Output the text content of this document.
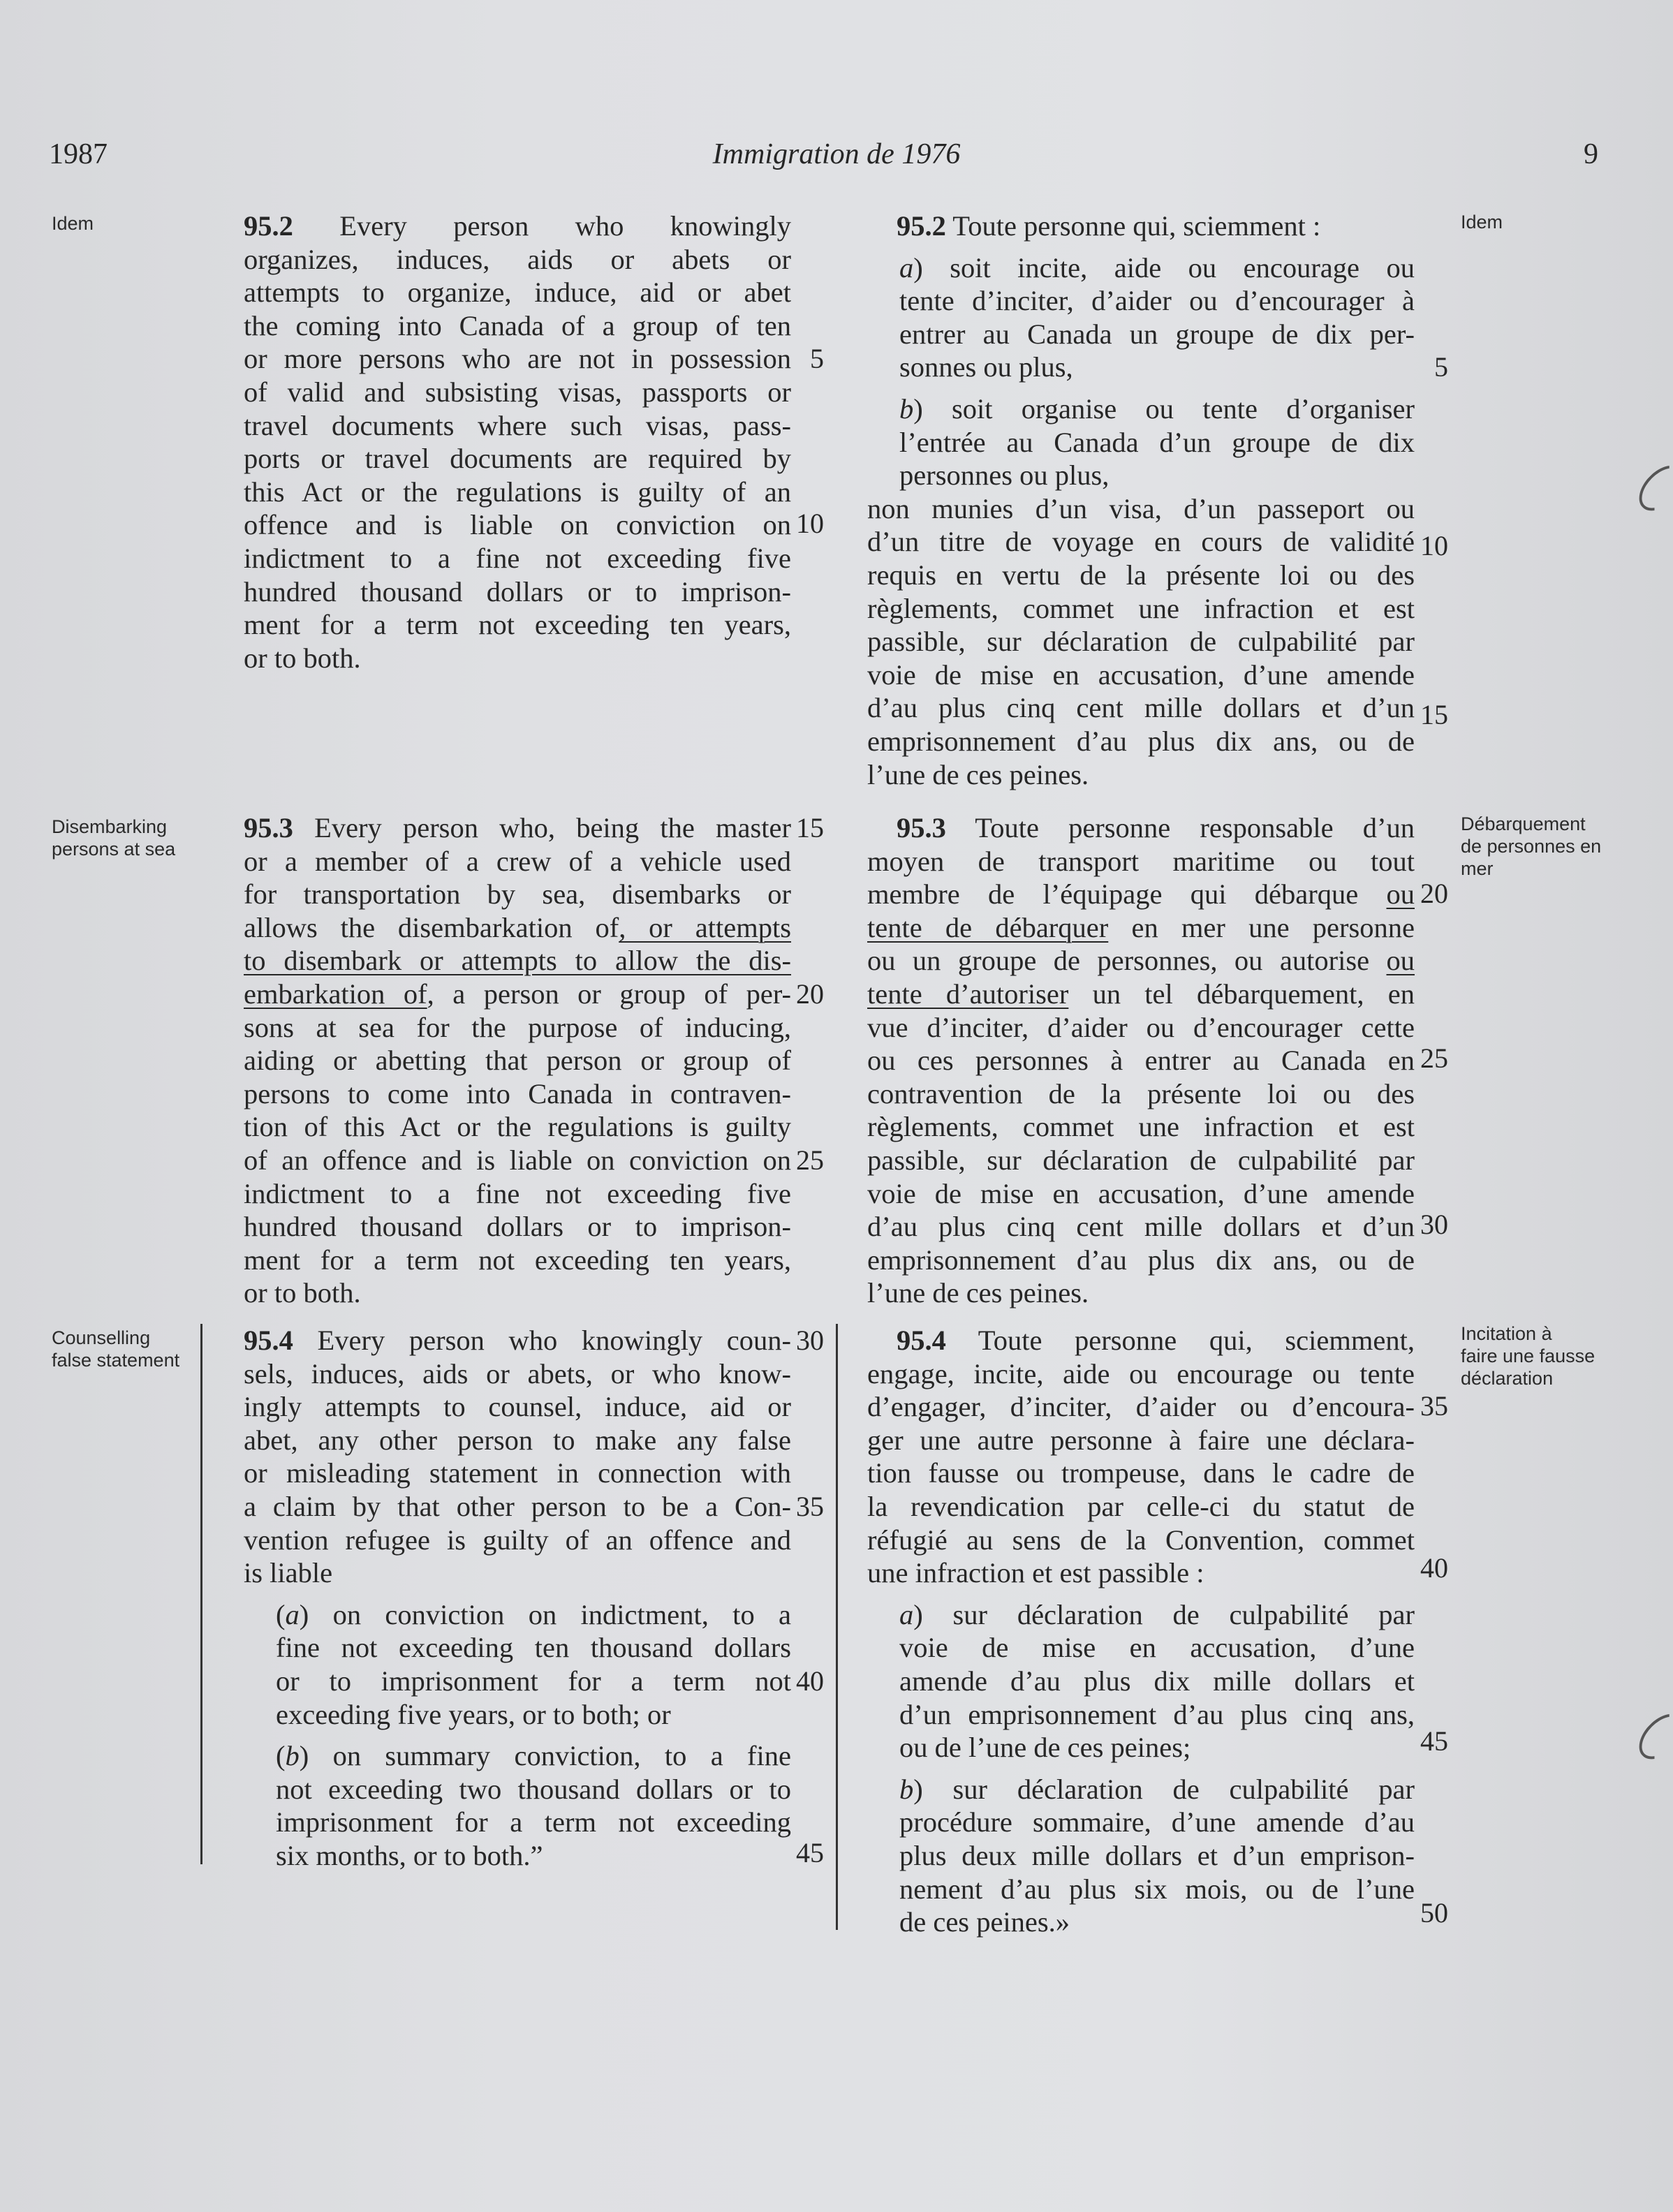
1987	Immigration de 1976	9
Idem
Disembarking
persons at sea
Counselling
false statement
Idem
Débarquement
de personnes en
mer
Incitation à
faire une fausse
déclaration
95.2 Every person who knowingly
organizes, induces, aids or abets or
attempts to organize, induce, aid or abet
the coming into Canada of a group of ten
or more persons who are not in possession
of valid and subsisting visas, passports or
travel documents where such visas, pass-
ports or travel documents are required by
this Act or the regulations is guilty of an
offence and is liable on conviction on
indictment to a fine not exceeding five
hundred thousand dollars or to imprison-
ment for a term not exceeding ten years,
or to both.
95.3 Every person who, being the master
or a member of a crew of a vehicle used
for transportation by sea, disembarks or
allows the disembarkation of, or attempts
to disembark or attempts to allow the dis-
embarkation of, a person or group of per-
sons at sea for the purpose of inducing,
aiding or abetting that person or group of
persons to come into Canada in contraven-
tion of this Act or the regulations is guilty
of an offence and is liable on conviction on
indictment to a fine not exceeding five
hundred thousand dollars or to imprison-
ment for a term not exceeding ten years,
or to both.
95.4 Every person who knowingly coun-
sels, induces, aids or abets, or who know-
ingly attempts to counsel, induce, aid or
abet, any other person to make any false
or misleading statement in connection with
a claim by that other person to be a Con-
vention refugee is guilty of an offence and
is liable
(a) on conviction on indictment, to a
fine not exceeding ten thousand dollars
or to imprisonment for a term not
exceeding five years, or to both; or
(b) on summary conviction, to a fine
not exceeding two thousand dollars or to
imprisonment for a term not exceeding
six months, or to both.”
5
10
15
20
25
30
35
40
45
95.2 Toute personne qui, sciemment :
a) soit incite, aide ou encourage ou
tente d’inciter, d’aider ou d’encourager à
entrer au Canada un groupe de dix per-
sonnes ou plus,
b) soit organise ou tente d’organiser
l’entrée au Canada d’un groupe de dix
personnes ou plus,
non munies d’un visa, d’un passeport ou
d’un titre de voyage en cours de validité
requis en vertu de la présente loi ou des
règlements, commet une infraction et est
passible, sur déclaration de culpabilité par
voie de mise en accusation, d’une amende
d’au plus cinq cent mille dollars et d’un
emprisonnement d’au plus dix ans, ou de
l’une de ces peines.
95.3 Toute personne responsable d’un
moyen de transport maritime ou tout
membre de l’équipage qui débarque ou
tente de débarquer en mer une personne
ou un groupe de personnes, ou autorise ou
tente d’autoriser un tel débarquement, en
vue d’inciter, d’aider ou d’encourager cette
ou ces personnes à entrer au Canada en
contravention de la présente loi ou des
règlements, commet une infraction et est
passible, sur déclaration de culpabilité par
voie de mise en accusation, d’une amende
d’au plus cinq cent mille dollars et d’un
emprisonnement d’au plus dix ans, ou de
l’une de ces peines.
95.4 Toute personne qui, sciemment,
engage, incite, aide ou encourage ou tente
d’engager, d’inciter, d’aider ou d’encoura-
ger une autre personne à faire une déclara-
tion fausse ou trompeuse, dans le cadre de
la revendication par celle-ci du statut de
réfugié au sens de la Convention, commet
une infraction et est passible :
a) sur déclaration de culpabilité par
voie de mise en accusation, d’une
amende d’au plus dix mille dollars et
d’un emprisonnement d’au plus cinq ans,
ou de l’une de ces peines;
b) sur déclaration de culpabilité par
procédure sommaire, d’une amende d’au
plus deux mille dollars et d’un emprison-
nement d’au plus six mois, ou de l’une
de ces peines.»
5
10
15
20
25
30
35
40
45
50
